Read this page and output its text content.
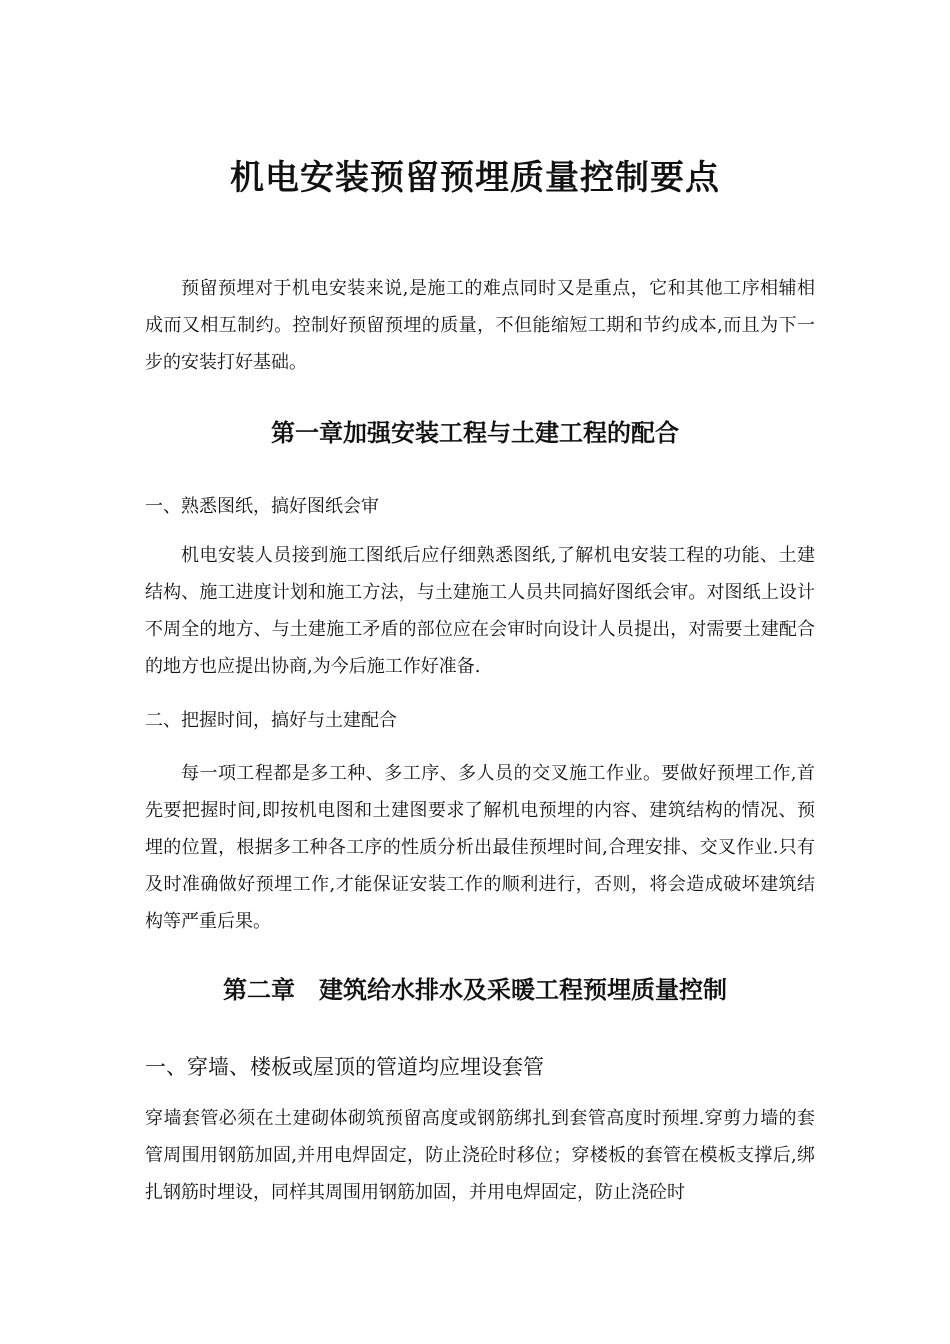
机电安装预留预埋质量控制要点

预留预埋对于机电安装来说,是施工的难点同时又是重点，它和其他工序相辅相成而又相互制约。控制好预留预埋的质量，不但能缩短工期和节约成本,而且为下一步的安装打好基础。

第一章加强安装工程与土建工程的配合
一、熟悉图纸，搞好图纸会审

机电安装人员接到施工图纸后应仔细熟悉图纸,了解机电安装工程的功能、土建结构、施工进度计划和施工方法，与土建施工人员共同搞好图纸会审。对图纸上设计不周全的地方、与土建施工矛盾的部位应在会审时向设计人员提出，对需要土建配合的地方也应提出协商,为今后施工作好准备.

二、把握时间，搞好与土建配合

每一项工程都是多工种、多工序、多人员的交叉施工作业。要做好预埋工作,首先要把握时间,即按机电图和土建图要求了解机电预埋的内容、建筑结构的情况、预埋的位置，根据多工种各工序的性质分析出最佳预埋时间,合理安排、交叉作业.只有及时准确做好预埋工作,才能保证安装工作的顺利进行，否则，将会造成破坏建筑结构等严重后果。

第二章　建筑给水排水及采暖工程预埋质量控制
一、穿墙、楼板或屋顶的管道均应埋设套管

穿墙套管必须在土建砌体砌筑预留高度或钢筋绑扎到套管高度时预埋.穿剪力墙的套管周围用钢筋加固,并用电焊固定，防止浇砼时移位；穿楼板的套管在模板支撑后,绑扎钢筋时埋设，同样其周围用钢筋加固，并用电焊固定，防止浇砼时
